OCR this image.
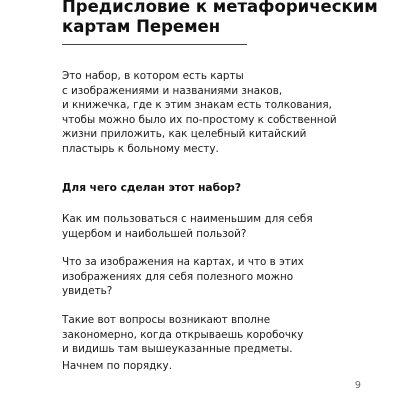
Предисловие к метафорическим
картам Перемен

Это набор, в котором есть карты
с изображениями и названиями знаков,
и книжечка, где к этим знакам есть толкования,
чтобы можно было их по-простому к собственной
жизни приложить, как целебный китайский
пластырь к больному месту.

Для чего сделан этот набор?

Как им пользоваться с наименьшим для себя
ущербом и наибольшей пользой?

Что за изображения на картах, и что в этих
изображениях для себя полезного можно
увидеть?

Такие вот вопросы возникают вполне
закономерно, когда открываешь коробочку
и видишь там вышеуказанные предметы.

Начнем по порядку.

9
